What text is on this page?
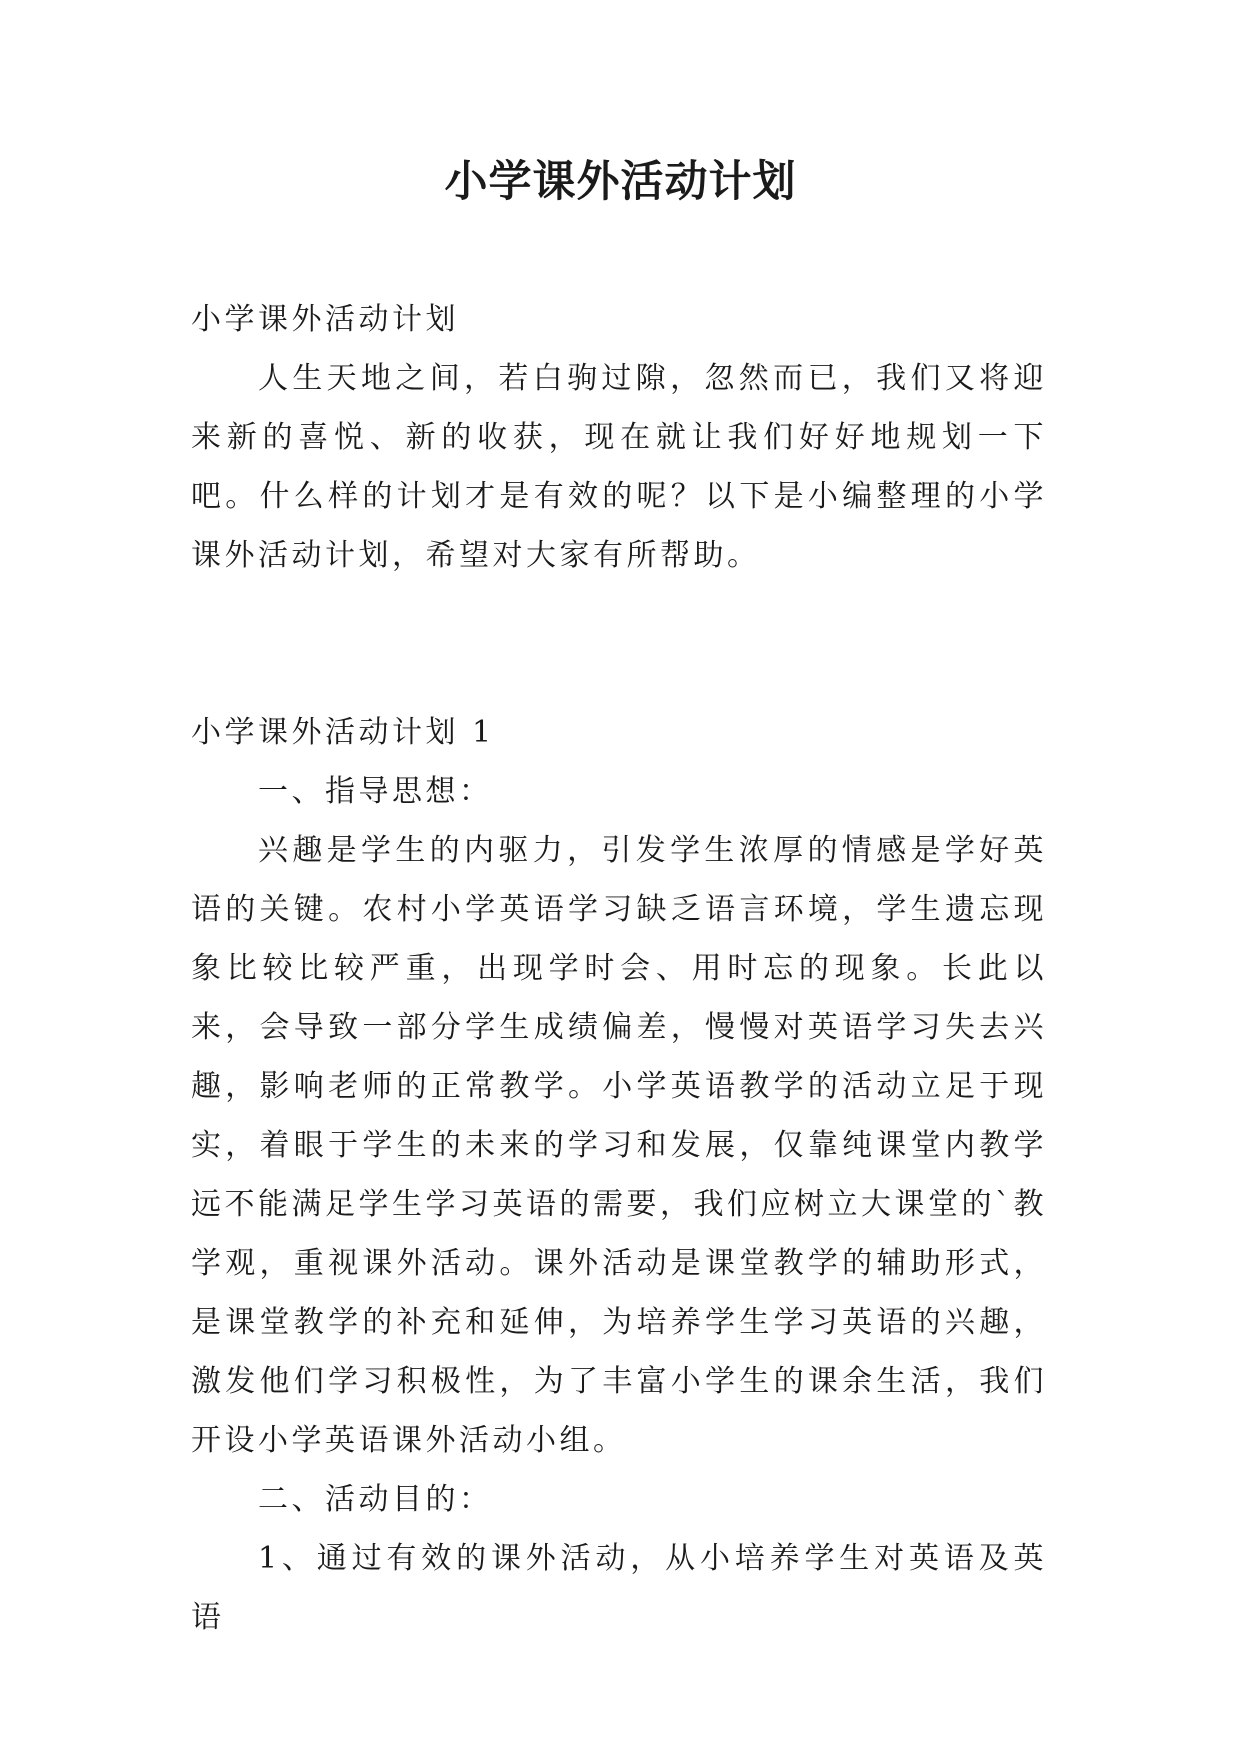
小学课外活动计划

小学课外活动计划

人生天地之间，若白驹过隙，忽然而已，我们又将迎来新的喜悦、新的收获，现在就让我们好好地规划一下吧。什么样的计划才是有效的呢？以下是小编整理的小学课外活动计划，希望对大家有所帮助。

小学课外活动计划 1

一、指导思想：

兴趣是学生的内驱力，引发学生浓厚的情感是学好英语的关键。农村小学英语学习缺乏语言环境，学生遗忘现象比较比较严重，出现学时会、用时忘的现象。长此以来，会导致一部分学生成绩偏差，慢慢对英语学习失去兴趣，影响老师的正常教学。小学英语教学的活动立足于现实，着眼于学生的未来的学习和发展，仅靠纯课堂内教学远不能满足学生学习英语的需要，我们应树立大课堂的`教学观，重视课外活动。课外活动是课堂教学的辅助形式，是课堂教学的补充和延伸，为培养学生学习英语的兴趣，激发他们学习积极性，为了丰富小学生的课余生活，我们开设小学英语课外活动小组。

二、活动目的：

1、通过有效的课外活动，从小培养学生对英语及英语
